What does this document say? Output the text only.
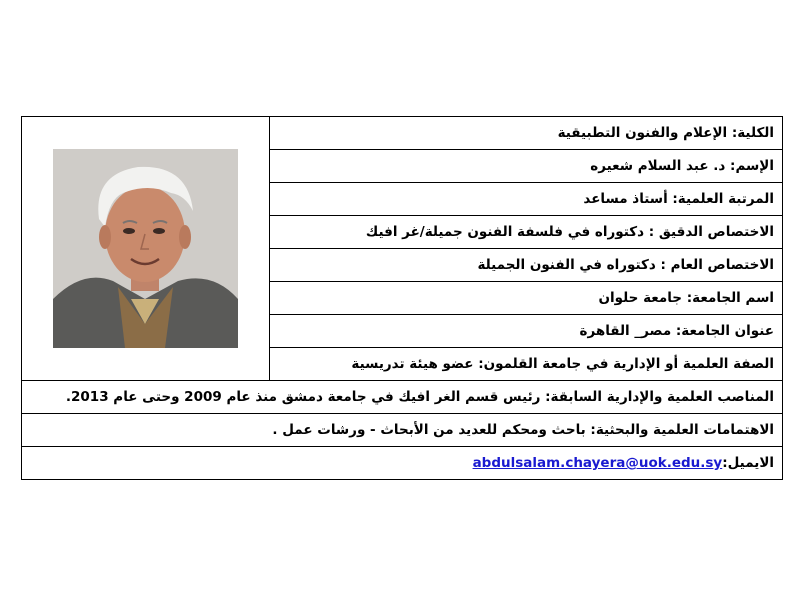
الكلية: الإعلام والفنون التطبيقية	

الإسم: د. عبد السلام شعيره
المرتبة العلمية: أستاذ مساعد
الاختصاص الدقيق : دكتوراه في فلسفة الفنون جميلة/غر افيك
الاختصاص العام : دكتوراه في الفنون الجميلة
اسم الجامعة: جامعة حلوان
عنوان الجامعة: مصر_ القاهرة
الصفة العلمية أو الإدارية في جامعة القلمون: عضو هيئة تدريسية
المناصب العلمية والإدارية السابقة: رئيس قسم الغر افيك في جامعة دمشق منذ عام 2009 وحتى عام 2013.
الاهتمامات العلمية والبحثية: باحث ومحكم للعديد من الأبحاث - ورشات عمل .
الايميل:abdulsalam.chayera@uok.edu.sy
